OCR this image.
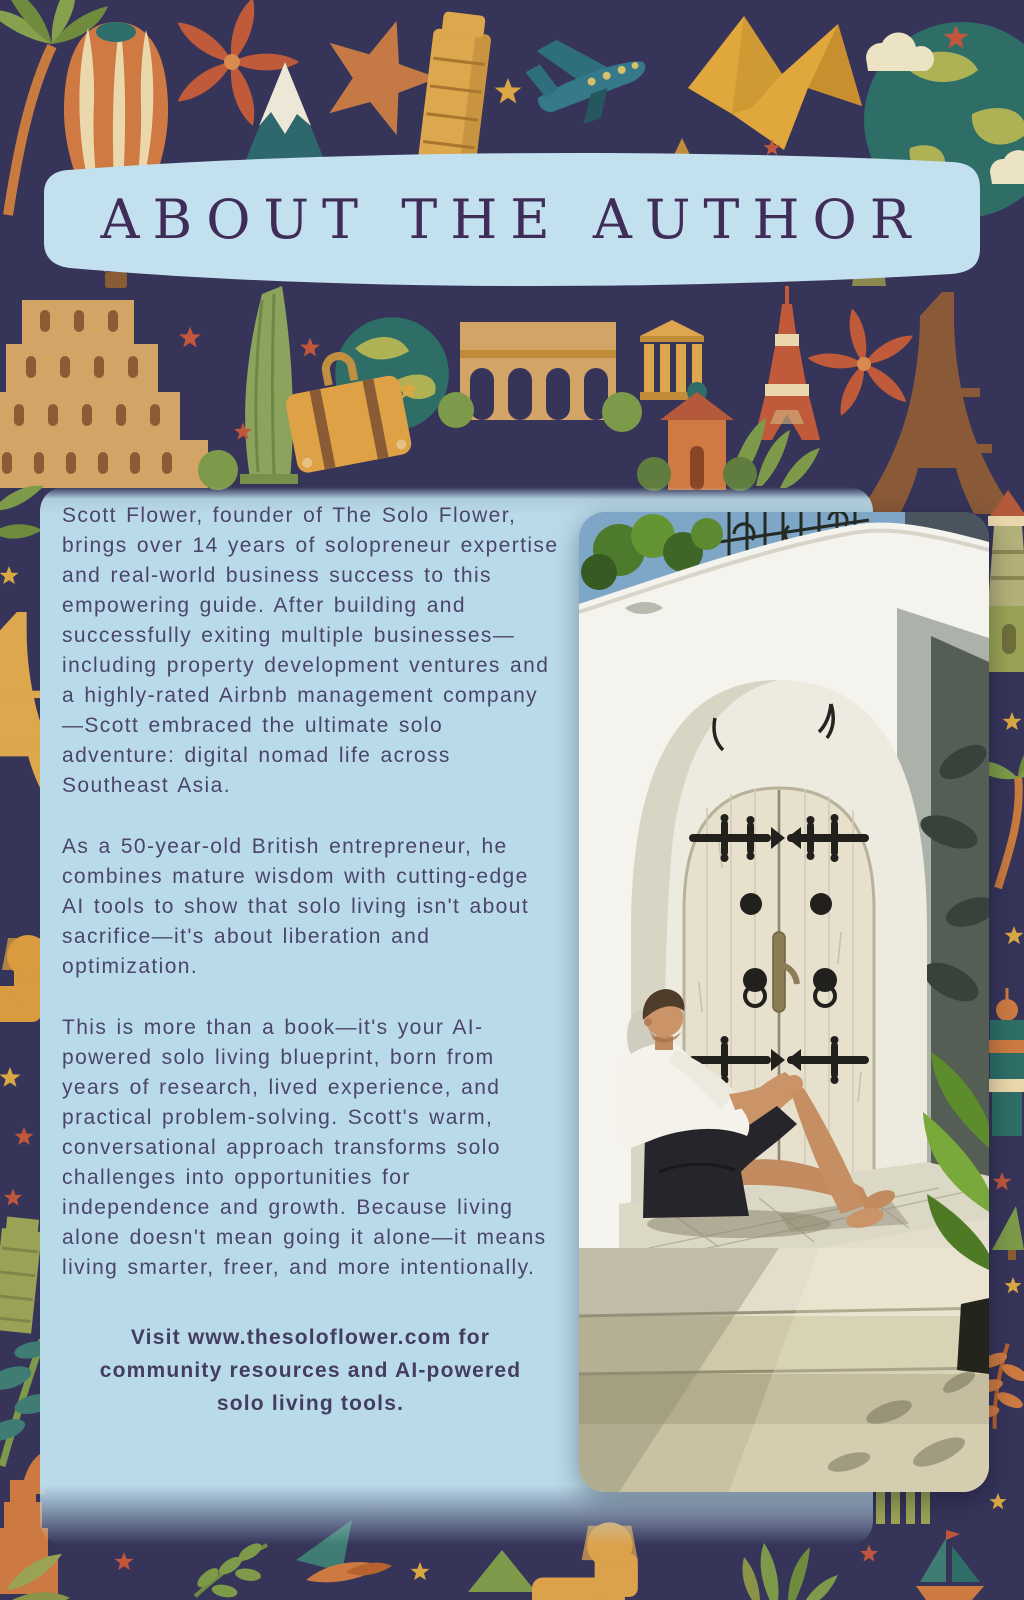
ABOUT THE AUTHOR

Scott Flower, founder of The Solo Flower, brings over 14 years of solopreneur expertise and real-world business success to this empowering guide. After building and successfully exiting multiple businesses—including property development ventures and a highly-rated Airbnb management company—Scott embraced the ultimate solo adventure: digital nomad life across Southeast Asia.

As a 50-year-old British entrepreneur, he combines mature wisdom with cutting-edge AI tools to show that solo living isn't about sacrifice—it's about liberation and optimization.

This is more than a book—it's your AI-powered solo living blueprint, born from years of research, lived experience, and practical problem-solving. Scott's warm, conversational approach transforms solo challenges into opportunities for independence and growth. Because living alone doesn't mean going it alone—it means living smarter, freer, and more intentionally.

Visit www.thesoloflower.com for
community resources and AI-powered
solo living tools.
